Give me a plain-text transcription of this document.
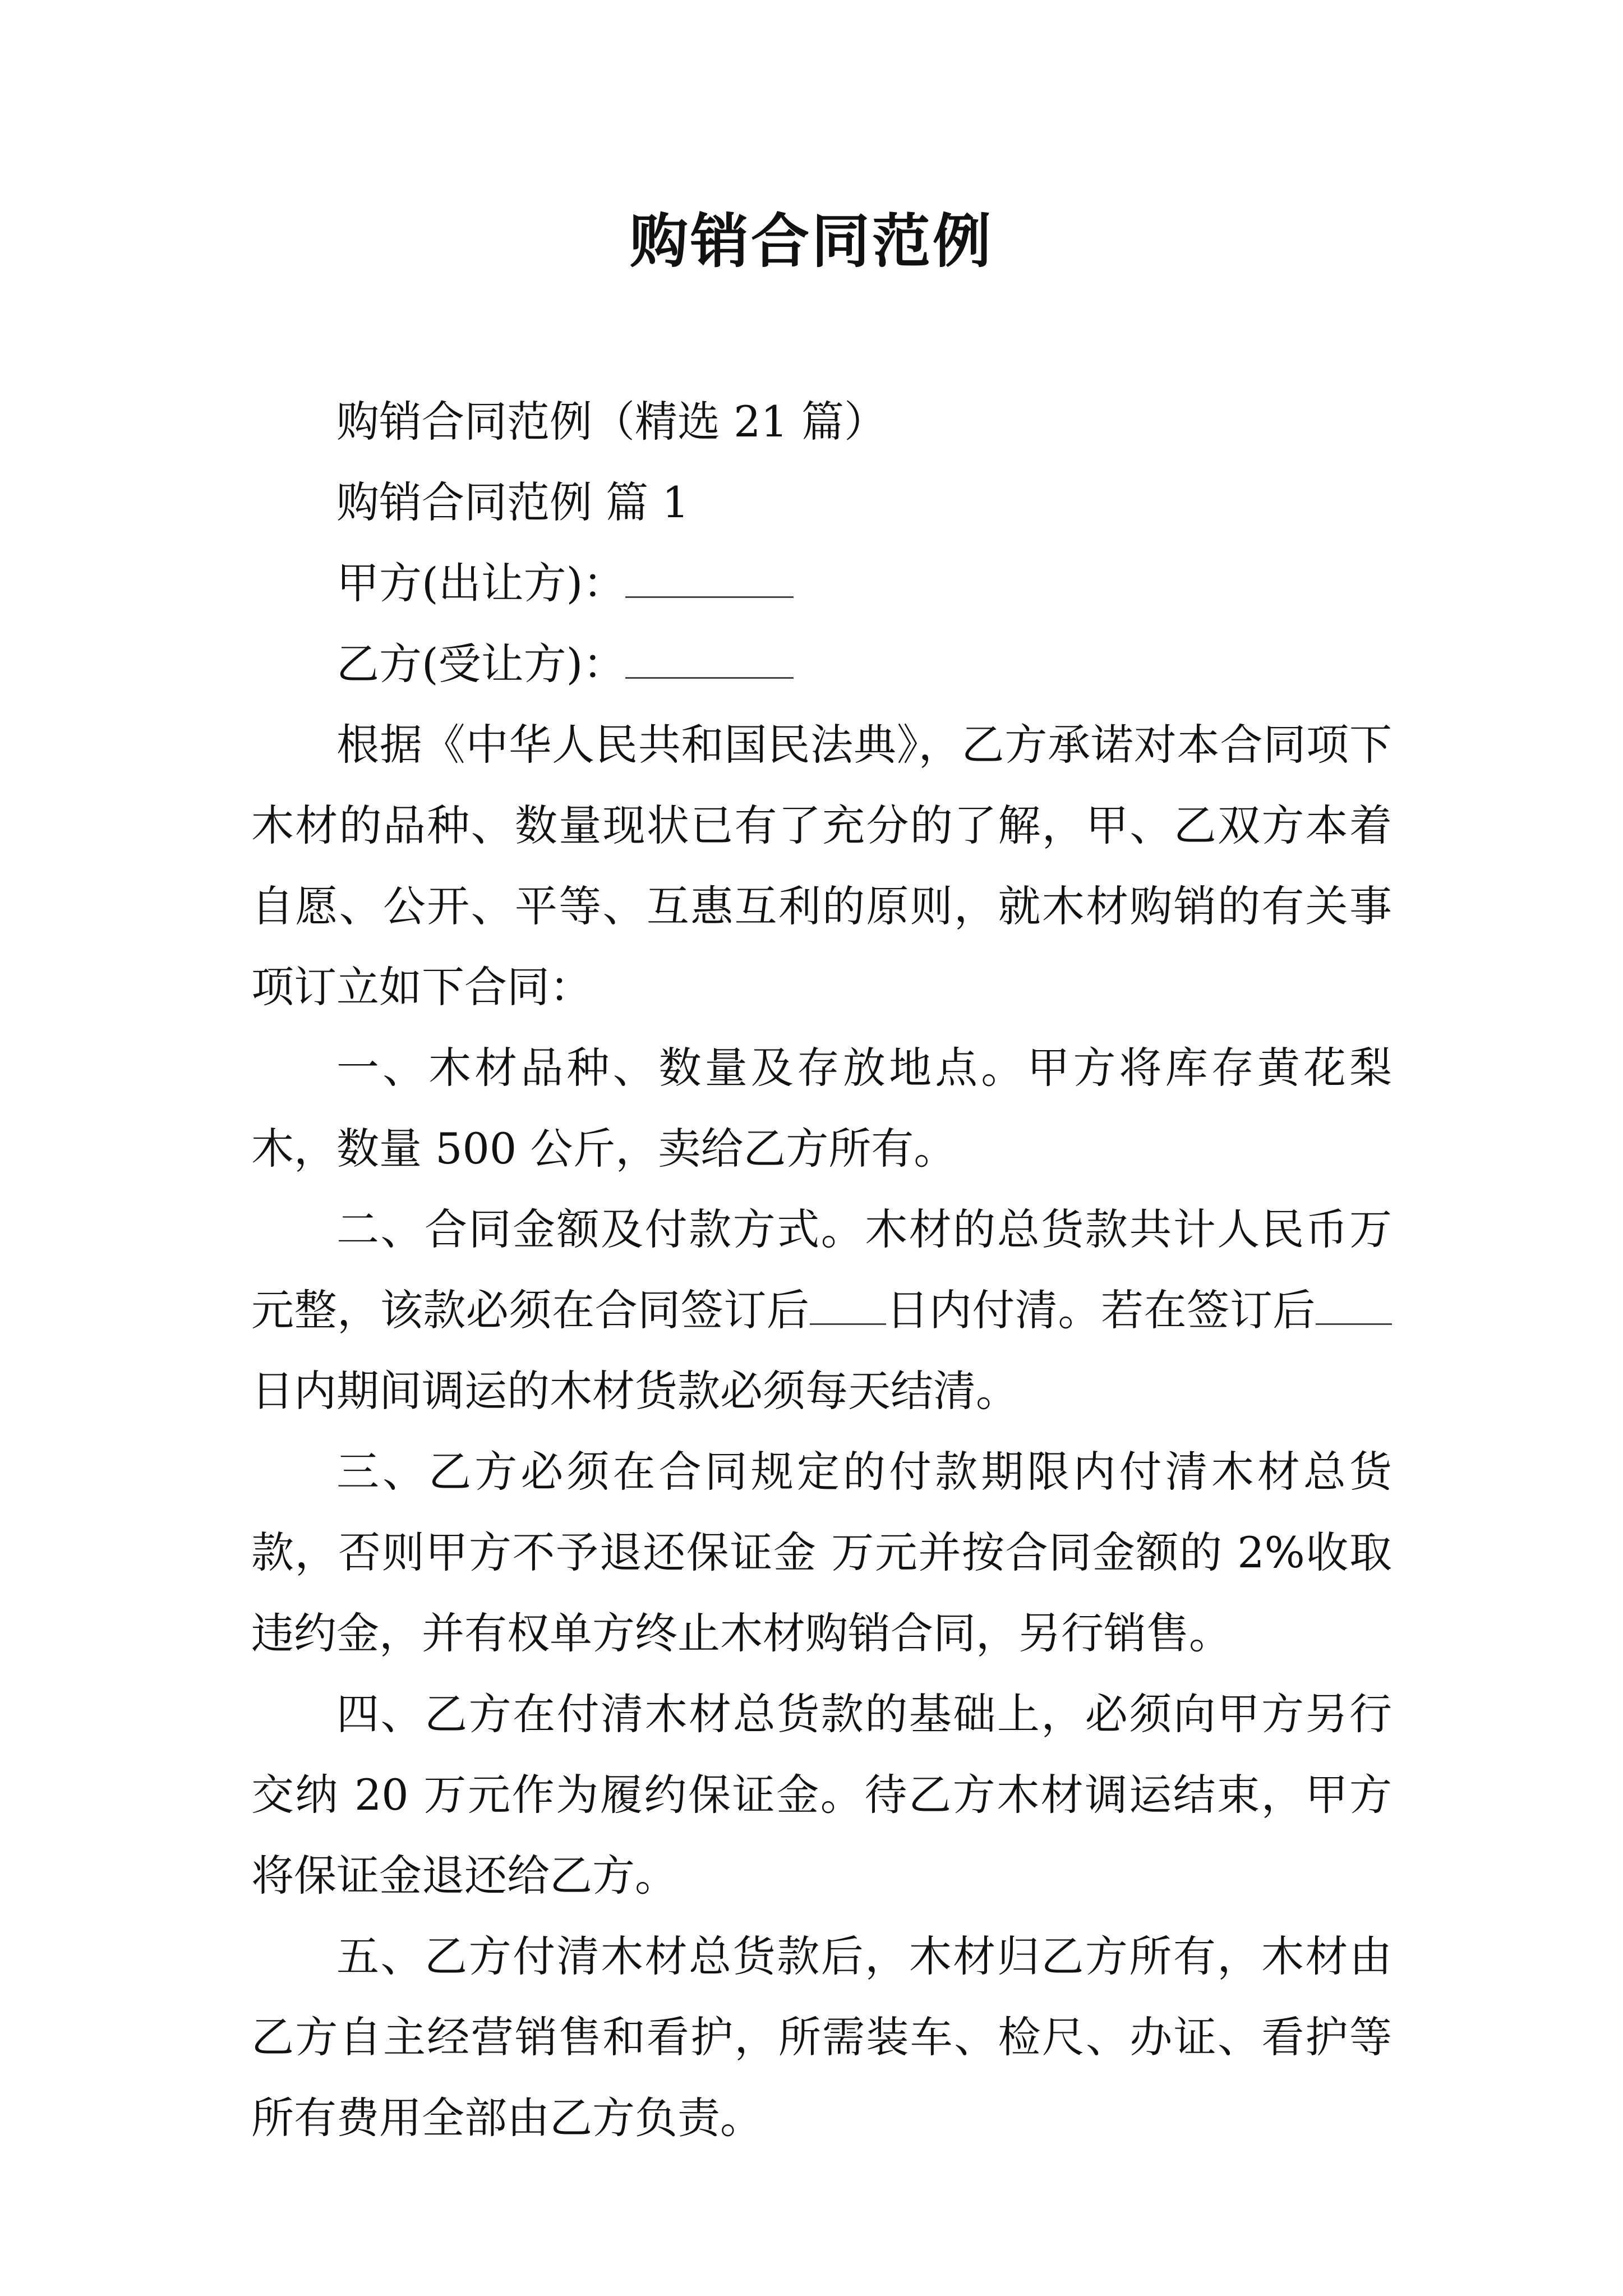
购销合同范例

购销合同范例（精选 21 篇）

购销合同范例 篇 1

甲方(出让方)：

乙方(受让方)：

根据《中华人民共和国民法典》，乙方承诺对本合同项下木材的品种、数量现状已有了充分的了解，甲、乙双方本着自愿、公开、平等、互惠互利的原则，就木材购销的有关事项订立如下合同：

一、木材品种、数量及存放地点。甲方将库存黄花梨木，数量 500 公斤，卖给乙方所有。

二、合同金额及付款方式。木材的总货款共计人民币万元整，该款必须在合同签订后 日内付清。若在签订后日内期间调运的木材货款必须每天结清。

三、乙方必须在合同规定的付款期限内付清木材总货款，否则甲方不予退还保证金 万元并按合同金额的 2%收取违约金，并有权单方终止木材购销合同，另行销售。

四、乙方在付清木材总货款的基础上，必须向甲方另行交纳 20 万元作为履约保证金。待乙方木材调运结束，甲方将保证金退还给乙方。

五、乙方付清木材总货款后，木材归乙方所有，木材由乙方自主经营销售和看护，所需装车、检尺、办证、看护等所有费用全部由乙方负责。
